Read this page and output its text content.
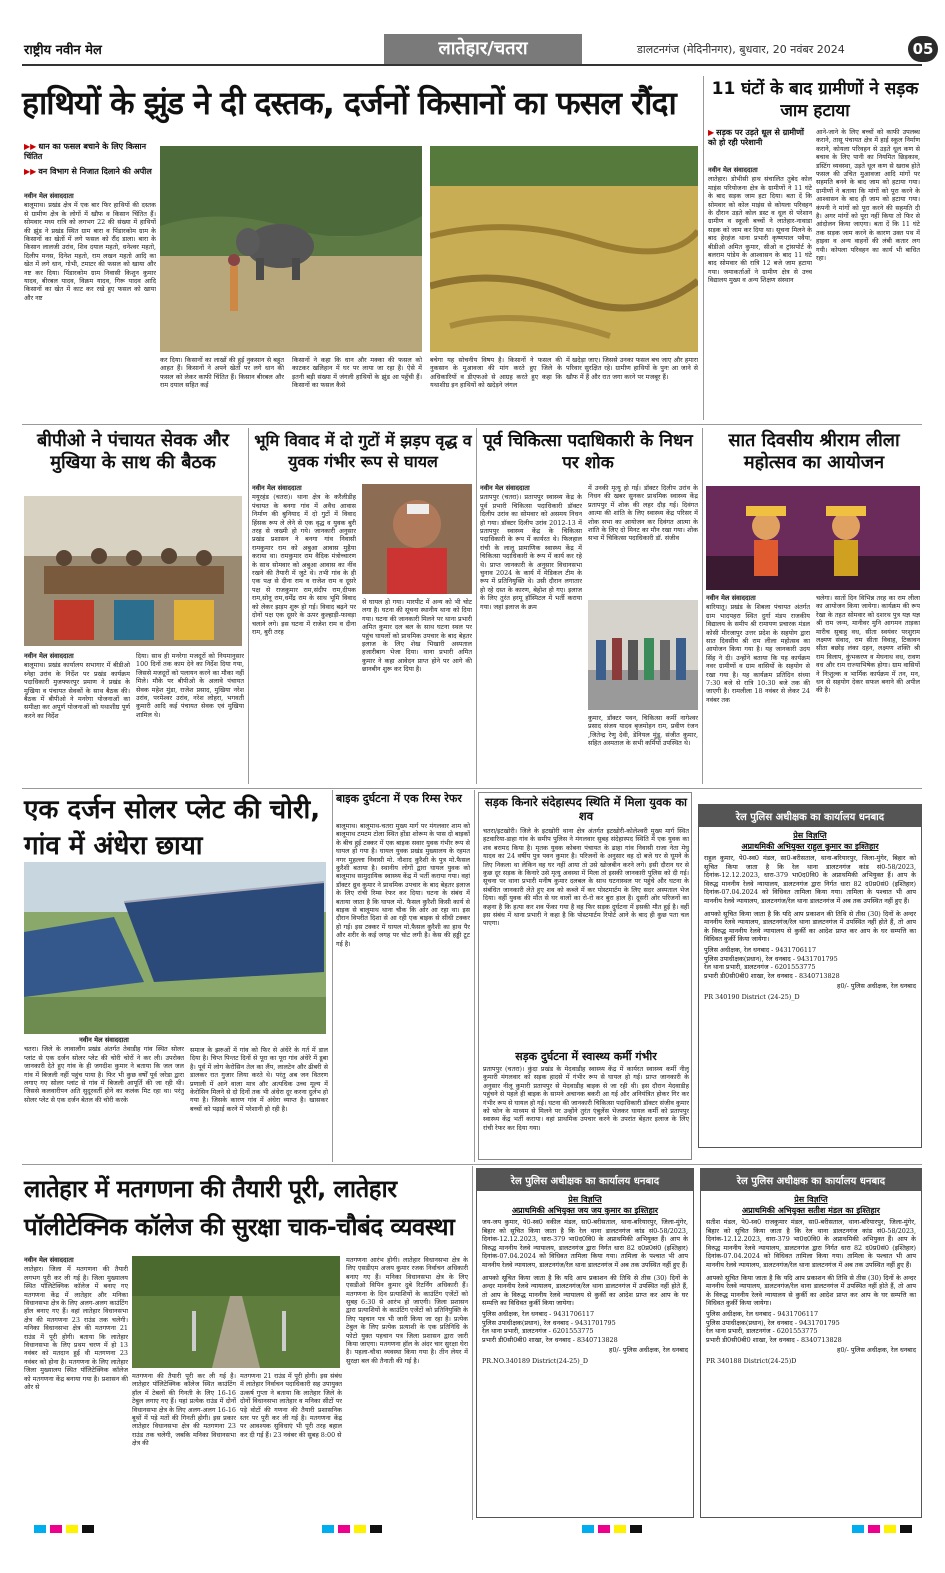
राष्ट्रीय नवीन मेल	लातेहार/चतरा	डालटनगंज (मेदिनीनगर), बुधवार, 20 नवंबर 2024	05
हाथियों के झुंड ने दी दस्तक, दर्जनों किसानों का फसल रौंदा
▶▶ धान का फसल बचाने के लिए किसान चिंतित
▶▶ वन विभाग से निजात दिलाने की अपील
नवीन मेल संवाददाता
बालूमाथ। प्रखंड क्षेत्र में एक बार फिर हाथियों की दस्तक से ग्रामीण क्षेत्र के लोगों में खौफ व किसान चिंतित हैं। सोमवार मध्य रात्रि को लगभग 22 की संख्या में हाथियों की झुंड ने प्रखंड स्थित ग्राम बारा व पिंडारकोम ग्राम के किसानों का खेतों में लगे फसल को रौंद डाला। बारा के किसान लालजी उरांव, शिव दयाल महतो, धनेश्वर महतो, दिलीप मनस, दिनेश महतो, राम लखन महतो आदि का खेत में लगे धान, गोभी, टमाटर की फसल को खाया और नष्ट कर दिया। पिंडारकोम ग्राम निवासी किशुन कुमार यादव, बीरबल यादव, विक्रम यादव, गिरू यादव आदि किसानों का खेत में काट कर रखे हुए फसल को खाया और नष्ट
कर दिया। किसानों का लाखों की हुई नुकसान से बहुत आहत हैं। किसानों ने अपने खेतों पर लगे धान की फसल को लेकर काफी चिंतित हैं। किसान बीरबल और राम दयाल सहित कई
किसानों ने कहा कि धान और मक्का की फसल को काटकर खलिहान में घर पर लाया जा रहा है। ऐसे में इतनी बड़ी संख्या में जंगली हाथियों के झुंड आ पहुँची हैं। किसानों का फसल कैसे
बचेगा यह सोचनीय विषय है। किसानों ने फसल की नुकसान के मुआवजा की मांग करते हुए जिले के अधिकारियों व डीएफओ से आग्रह करते हुए कहा कि यथाशीघ्र इन हाथियों को खदेड़ने जंगल
में खदेड़ा जाए। जिससे उनका फसल बच जाए और हमारा परिवार सुरक्षित रहे। ग्रामीण हाथियों के पुनः आ जाने से खौफ में हैं और रात जगा करने पर मजबूर हैं।
11 घंटों के बाद ग्रामीणों ने सड़क जाम हटाया
▶ सड़क पर उड़ते धूल से ग्रामीणों को हो रही परेशानी
नवीन मेल संवाददाता
लातेहार। डोभीसी हाथ संचालित तुबेद कोल माइंस परियोजना क्षेत्र के ग्रामीणों ने 11 घंटे के बाद सड़क जाम हटा दिया। बता दें कि सोमवार को कोल माइंस से कोयला परिवहन के दौरान उड़ते कोल डस्ट व धूल से परेशान ग्रामीण व स्कूली बच्चों ने लातेहार-नावाडा सड़क को जाम कर दिया था। सूचना मिलने के बाद हेरहंज थाना प्रभारी कृष्णपाल पवैया, बीडीओ अमित कुमार, सीओ व ट्रांसपोर्ट के बलराम पांडेय के आश्वासन के बाद 11 घंटे बाद सोमवार की रात्रि 12 बजे जाम हटाया गया। जमाकर्ताओं ने ग्रामीण क्षेत्र से उच्च विद्यालय मुख्य व अन्य शिक्षण संस्थान
आने-जाने के लिए बच्चों को काफी उपलब्ध कराने, तासू पंचायत क्षेत्र में हाई स्कूल निर्माण कराने, कोयला परिवहन से उड़ते धूल कण से बचाव के लिए पानी का नियमित छिड़काव, डस्टिंग व्यवस्था, उड़ते धूल कण से खराब होते फसल की उचित मुआवजा आदि मांगों पर सहमति बनने के बाद जाम को हटाया गया। ग्रामीणों ने बताया कि मांगों को पूरा करने के आश्वासन के बाद ही जाम को हटाया गया। कंपनी ने मांगों को पूरा करने की सहमति दी है। अगर मांगों को पूरा नहीं किया तो फिर से आंदोलन किया जाएगा। बता दें कि 11 घंटे तक सड़क जाम करने के कारण उक्त पथ में हाइवा व अन्य वाहनों की लंबी कतार लग गयी। कोयला परिवहन का कार्य भी बाधित रहा।
बीपीओ ने पंचायत सेवक और मुखिया के साथ की बैठक
नवीन मेल संवाददाता
बालूमाथ। प्रखंड कार्यालय सभागार में बीडीओ स्नेहा उरांव के निर्देश पर प्रखंड कार्यक्रम पदाधिकारी मुजफ्फरपुर प्रमाण ने प्रखंड के मुखिया व पंचायत सेवकों के साथ बैठक की। बैठक में बीपीओ ने मनरेगा योजनाओं का समीक्षा कर अपूर्ण योजनाओं को यथाशीघ्र पूर्ण करने का निर्देश
दिया। साथ ही मनरेगा मजदूरों को नियमानुसार 100 दिनों तक काम देने का निर्देश दिया गया, जिससे मजदूरों को पलायन करने का मौका नहीं मिले। मौके पर बीपीओ के अलावे पंचायत सेवक महेश मुंडा, राजेश प्रसाद, मुखिया नरेश उरांव, परमेश्वर उरांव, नरेश लोहरा, भगवती कुमारी आदि कई पंचायत सेवक एवं मुखिया शामिल थे।
भूमि विवाद में दो गुटों में झड़प वृद्ध व युवक गंभीर रूप से घायल
नवीन मेल संवाददाता
मयूरहंड (चतरा)। थाना क्षेत्र के करैलीडीह पंचायत के बनगा गांव में अवैध आवास निर्माण की बुनियाद में दो गुटों में विवाद हिंसक रूप ले लेने से एक वृद्ध व युवक बुरी तरह से जख्मी हो गये। जानकारी अनुसार प्रखंड प्रशासन ने बनगा गांव निवासी रामकुमार राम को अबुआ आवास मुहैया कराया था। रामकुमार राम वैदिक मंत्रोच्चारण के साथ सोमवार को अबुआ आवास का नींव रखने की तैयारी में जुटे थे। तभी गांव के ही एक पक्ष से दीना राम व राजेश राम व दूसरे पक्ष से राजकुमार राम,संदीप राम,दीपक राम,सोनू राम,धर्मेंद्र राम के साथ भूमि विवाद को लेकर झड़प शुरू हो गई। विवाद बढ़ने पर दोनों पक्ष एक दूसरे के ऊपर कुल्हाड़ी-फावड़ा चलाने लगे। इस घटना में राजेश राम व दीना राम, बुरी तरह
से घायल हो गया। मारपीट में अन्य को भी चोट लगा है। घटना की सूचना स्थानीय थाना को दिया गया। घटना की जानकारी मिलने पर थाना प्रभारी अमित कुमार दल बल के साथ घटना स्थल पर पहुंच घायलों को प्राथमिक उपचार के बाद बेहतर इलाज के लिए शेख भिखारी अस्पताल हजारीबाग भेजा दिया। थाना प्रभारी अमित कुमार ने कहा आवेदन प्राप्त होने पर आगे की छानबीन शुरू कर दिया है।
पूर्व चिकित्सा पदाधिकारी के निधन पर शोक
नवीन मेल संवाददाता
प्रतापपुर (चतरा)। प्रतापपुर स्वास्थ्य केंद्र के पूर्व प्रभारी चिकित्सा पदाधिकारी डॉक्टर दिलीप उरांव का सोमवार को असमय निधन हो गया। डॉक्टर दिलीप उरांव 2012-13 में प्रतापपुर स्वास्थ्य केंद्र के चिकित्सा पदाधिकारी के रूप में कार्यरत थे। फिलहाल रांची के लालू प्रामाणिक स्वास्थ्य केंद्र में चिकित्सा पदाधिकारी के रूप में कार्य कर रहे थे। प्राप्त जानकारी के अनुसार विधानसभा चुनाव 2024 के कार्य में मेडिकल टीम के रूप में प्रतिनियुक्ति थे। उसी दौरान लगातार हो रहे दस्त के कारण, बेहोश हो गए। इलाज के लिए तुरंत हरमू हॉस्पिटल में भर्ती कराया गया। जहां इलाज के क्रम
में उनकी मृत्यु हो गई। डॉक्टर दिलीप उरांव के निधन की खबर सुनकर प्राथमिक स्वास्थ्य केंद्र प्रतापपुर में शोक की लहर दौड़ गई। दिवंगत आत्मा की शांति के लिए स्वास्थ्य केंद्र परिसर में शोक सभा का आयोजन कर दिवंगत आत्मा के शांति के लिए दो मिनट का मौन रखा गया। शोक सभा में चिकित्सा पदाधिकारी डॉ. संजीव
कुमार, डॉक्टर पवन, चिकित्सा कर्मी नागेश्वर प्रसाद संजय यादव बृजमोहन राम, प्रवीण रंजन ,जितेन्द्र रेणु देवी, डेनियल मुंडू, संजीत कुमार, सहित अस्पताल के सभी कर्मियों उपस्थित थे।
सात दिवसीय श्रीराम लीला महोत्सव का आयोजन
नवीन मेल संवाददाता
बारियातू। प्रखंड के शिबला पंचायत अंतर्गत ग्राम भादपहरा स्थित दुर्गा मंडप राजकीय विद्यालय के समीप श्री रामायण प्रचारक मंडल कोसी मीरजापुर उत्तर प्रदेश के सहयोग द्वारा सात दिवसीय श्री राम लीला महोत्सव का आयोजन किया गया है। यह जानकारी उदय सिंह ने दी। उन्होंने बताया कि यह कार्यक्रम नवर ग्रामीणों व ग्राम वासियों के सहयोग से रखा गया है। यह कार्यक्रम प्रतिदिन संध्या 7:30 बजे से रात्रि 10:30 बजे तक की जाएगी है। रामलीला 18 नवंबर से लेकर 24 नवंबर तक
चलेगा। सातों दिन विभिन्न तरह का राम लीला का आयोजन किया जायेगा। कार्यक्रम की रूप रेखा के तहत सोमवार को दशरथ पुत्र यज्ञ यज्ञ श्री राम जन्म, मानीवर मुनि आगमन ताड़का मारीच सुबाहु वध, सीता स्वयंवर परशुराम लक्ष्मण संवाद, राम सीता विवाह, टिकावन सीता बछोड़ लंका दहन, लक्ष्मण शक्ति श्री राम विलाप, कुंभकरण व मेघनाथ वध, रावण वध और राम राज्याभिषेक होगा। ग्राम वासियों ने निःशुल्क व भार्मिक कार्यक्रम में तन, मन, धन से सहयोग देकर सफल बनाने की अपील की है।
एक दर्जन सोलर प्लेट की चोरी, गांव में अंधेरा छाया
नवीन मेल संवाददाता
चतरा। जिले के लावालौंग प्रखंड अंतर्गत तेवाडीह गांव स्थित सोलर प्लांट से एक दर्जन सोलर प्लेट की चोरी चोरों ने कर ली। उपरोक्त जानकारी देते हुए गांव के ही जगदीश कुमार ने बताया कि जल जल गांव में बिजली नहीं पहुंच पाया है। फिर भी कुछ वर्षों पूर्व जरेडा द्वारा लगाए गए सोलर प्लांट से गांव में बिजली आपूर्ति की जा रही थी। जिससे कलवारीपन अति सुदूरवर्ती होने का कलंक मिट रहा था। परंतु सोलर प्लेट से एक दर्जन बेतल की चोरी करके
समाज के झरुओं में गांव को फिर से अंधेरे के गर्त में डाल दिया है। चिप्त पिन्तट दिनों से पूरा का पूरा गांव अंधेरे में डूबा है। पूर्व में लोग केरोसिन तेल का लैंप, लालटेन और ढीबरी से डालकर रात गुजार लिया करते थे। परंतु अब जन वितरण प्रणाली में आने वाला मात्र और अत्यधिक उच्च मूल्य में केरोसिन मिलने से दो दिनों तक भी अंधेरा दूर करना दुर्लभ हो गया है। जिसके कारण गांव में अंधेरा व्याप्त है। खासकर बच्चों को पढ़ाई करने में परेशानी हो रही है।
बाइक दुर्घटना में एक रिम्स रेफर
बालूमाथ। बालूमाथ-चतरा मुख्य मार्ग पर मंगलवार शाम को बालूमाथ टमटम टोला स्थित होंडा शोरूम के पास दो बाइकों के बीच हुई टक्कर में एक बाइक सवार युवक गंभीर रूप से घायल हो गया है। घायल युवक प्रखंड मुख्यालय के रहमत नगर मुहल्ला निवासी मो. नौशाद कुरैशी के पुत्र मो.फैसल कुरैशी बताया है। स्थानीय लोगों द्वारा घायल युवक को बालूमाथ सामुदायिक स्वास्थ्य केंद्र में भर्ती कराया गया। वहां डॉक्टर ध्रुव कुमार ने प्राथमिक उपचार के बाद बेहतर इलाज के लिए रांची रिम्स रेफर कर दिया। घटना के संबंध में बताया जाता है कि घायल मो. फैसल कुरैशी किसी कार्य से बाइक से बालूमाथ थाना चौक कि ओर आ रहा था। इस दौरान विपरीत दिशा से आ रही एक बाइक से सीधी टक्कर हो गई। इस टक्कर में घायल मो.फैसल कुरैशी का हाथ पैर और शरीर के कई जगह पर चोट लगी है। केस की हड्डी टूट गई है।
सड़क किनारे संदेहास्पद स्थिति में मिला युवक का शव
चतरा/इटखोरी। जिले के इटखोरी थाना क्षेत्र अंतर्गत इटखोरी-कोलेश्वरी मुख्य मार्ग स्थित हटवारिया-डाहा गांव के समीप पुलिस ने मंगलवार सुबह संदेहास्पद स्थिति में एक युवक का शव बरामद किया है। मृतक युवक कोबना पंचायत के ढाहा गांव निवासी राजा नेता मेघु यादव का 24 वर्षीय पुत्र पवन कुमार है। परिजनों के अनुसार वह दो बजे घर से घूमने के लिए निकला था लेकिन वह घर नहीं आया तो उसे खोजबीन करने लगे। इसी दौरान घर से कुछ दूर सड़क के किनारे उसे मृत्यु अवस्था में मिला तो इसकी जानकारी पुलिस को दी गई। सूचना पर थाना प्रभारी मनीष कुमार दलबल के साथ घटनास्थल पर पहुंचे और घटना के संबंधित जानकारी लेते हुए शव को कब्जे में कर पोस्टमार्टम के लिए सदर अस्पताल भेज दिया। वहीं युवक की मौत से घर वालों का रो-रो कर बुरा हाल है। दूसरी ओर परिजनों का कहना है कि हत्या कर शव फेंका गया है वह फिर सड़क दुर्घटना में इसकी मौत हुई है। वहीं इस संबंध में थाना प्रभारी ने कहा है कि पोस्टमार्टम रिपोर्ट आने के बाद ही कुछ पता चल पाएगा।
सड़क दुर्घटना में स्वास्थ्य कर्मी गंभीर
प्रतापपुर (चतरा)। कुंदा प्रखंड के मेदवाडीह स्वास्थ्य केंद्र में कार्यरत स्वास्थ्य कर्मी नीलू कुमारी मंगलवार को सड़क हादसे में गंभीर रूप से घायल हो गई। प्राप्त जानकारी के अनुसार नीलू कुमारी प्रतापपुर से मेदवाडीह बाइक से जा रही थी। इस दौरान मेदवाडीह पहुंचने से पहले ही बाइक के सामने अचानक बकरी आ गई और अनियंत्रित होकर गिर कर गंभीर रूप से घायल हो गई। घटना की जानकारी चिकित्सा पदाधिकारी डॉक्टर संजीव कुमार को फोन के माध्यम से मिलने पर उन्होंने तुरंत एंबुलेंस भेजकर घायल कर्मी को प्रतापपुर स्वास्थ्य केंद्र भर्ती कराया। वहां प्राथमिक उपचार करने के उपरांत बेहतर इलाज के लिए रांची रेफर कर दिया गया।
रेल पुलिस अधीक्षक का कार्यालय धनबाद
प्रेस विज्ञप्ति
अप्राथमिकी अभियुक्त राहुल कुमार का इश्तिहार
राहुल कुमार, पे0-स्व0 मंडल, सा0-बरीसताल, थाना-बरियारपुर, जिला-मुंगेर, बिहार को सूचित किया जाता है कि रेल थाना डालटनगंज कांड सं0-58/2023, दिनांक-12.12.2023, धारा-379 भा0द0वि0 के अप्राथमिकी अभियुक्त हैं। आप के विरुद्ध माननीय रेलवे न्यायालय, डालटनगंज द्वारा निर्गत धारा 82 द0प्र0सं0 (इश्तिहार) दिनांक-07.04.2024 को विधिवत तामिला किया गया। तामिला के पश्चात भी आप माननीय रेलवे न्यायालय, डालटनगंज/रेल थाना डालटनगंज में अब तक उपस्थित नहीं हुए हैं।
आपको सूचित किया जाता है कि यदि आप प्रकाशन की तिथि से तीस (30) दिनों के अन्दर माननीय रेलवे न्यायालय, डालटनगंज/रेल थाना डालटनगंज में उपस्थित नहीं होते हैं, तो आप के विरुद्ध माननीय रेलवे न्यायालय से कुर्की का आदेश प्राप्त कर आप के घर सम्पत्ति का विधिवत कुर्की किया जायेगा।
पुलिस अधीक्षक, रेल धनबाद - 9431706117
पुलिस उपाधीक्षक(प्रधान), रेल धनबाद - 9431701795
रेल थाना प्रभारी, डालटनगंज - 6201553775
प्रभारी डी0सी0बी0 शाखा, रेल धनबाद - 8340713828
ह0/- पुलिस अधीक्षक, रेल धनबाद
PR 340190 District (24-25)_D
लातेहार में मतगणना की तैयारी पूरी, लातेहार पॉलीटेक्निक कॉलेज की सुरक्षा चाक-चौबंद व्यवस्था
नवीन मेल संवाददाता
लातेहार। जिला में मतगणना की तैयारी लगभग पूरी कर ली गई है। जिला मुख्यालय स्थित पॉलिटेक्निक कॉलेज में बनाए गए मतगणना केंद्र में लातेहार और मनिका विधानसभा क्षेत्र के लिए अलग-अलग काउंटिंग हॉल बनाए गए हैं। वहां लातेहार विधानसभा क्षेत्र की मतगणना 23 राउंड तक चलेगी। मनिका विधानसभा क्षेत्र की मतगणना 21 राउंड में पूरी होगी। बताया कि लातेहार विधानसभा के लिए प्रथम चरण में हो 13 नवंबर को मतदान हुई थी मतगणना 23 नवंबर को होना है। मतगणना के लिए लातेहार जिला मुख्यालय स्थित पॉलिटेक्निक कॉलेज को मतगणना केंद्र बनाया गया है। प्रशासन की ओर से
मतगणना की तैयारी पूरी कर ली गई है। लातेहार पॉलिटेक्निक कॉलेज स्थित काउंटिंग हॉल में टेबलों की गिनती के लिए 16-16 टेबुल लगाए गए हैं। यहां प्रत्येक राउंड में दोनों विधानसभा क्षेत्र के लिए अलग-अलग 16-16 बूथों में पड़े मतों की गिनती होगी। इस प्रकार लातेहार विधानसभा क्षेत्र की मतगणना 23 राउंड तक चलेगी, जबकि मनिका विधानसभा क्षेत्र की
मतगणना 21 राउंड में पूरी होगी। इस संबंध में लातेहार निर्वाचन पदाधिकारी सह उपायुक्त उत्कर्ष गुप्ता ने बताया कि लातेहार जिले के दोनों विधानसभा लातेहार व मनिका सीटों पर पड़े वोटों की गणना की तैयारी प्रशासनिक स्तर पर पूरी कर ली गई है। मतगणना केंद्र पर आवश्यक सुविधाएं भी पूरी तरह बहाल कर दी गई हैं। 23 नवंबर की सुबह 8:00 से
मतगणना आरंभ होगी। लातेहार विधानसभा क्षेत्र के लिए एसडीएम अजय कुमार रजक निर्वाचन अधिकारी बनाए गए हैं। मनिका विधानसभा क्षेत्र के लिए एसडीओ विपिन कुमार दुबे रिटर्निंग अधिकारी हैं। मतगणना के दिन प्रत्याशियों के काउंटिंग एजेंटों को सुबह 6:30 से आरंभ हो जाएगी। जिला प्रशासन द्वारा प्रत्याशियों के काउंटिंग एजेंटों को प्रतिनियुक्ति के लिए पहचान पत्र भी जारी किया जा रहा है। प्रत्येक टेबुल के लिए प्रत्येक प्रत्याशी के एक प्रतिनिधि के फोटो युक्त पहचान पत्र जिला प्रशासन द्वारा जारी किया जाएगा। मतगणना हॉल के अंदर चार सुरक्षा घेरा है। पहला-चौथा व्यवस्था किया गया है। तीन लेयर में सुरक्षा बल की तैनाती की गई है।
रेल पुलिस अधीक्षक का कार्यालय धनबाद
प्रेस विज्ञप्ति
अप्राथमिकी अभियुक्त जय जय कुमार का इश्तिहार
जय-जय कुमार, पे0-स्व0 वकील मंडल, सा0-बरीसताल, थाना-बरियारपुर, जिला-मुंगेर, बिहार को सूचित किया जाता है कि रेल थाना डालटनगंज कांड सं0-58/2023, दिनांक-12.12.2023, धारा-379 भा0द0वि0 के अप्राथमिकी अभियुक्त हैं। आप के विरुद्ध माननीय रेलवे न्यायालय, डालटनगंज द्वारा निर्गत धारा 82 द0प्र0सं0 (इश्तिहार) दिनांक-07.04.2024 को विधिवत तामिला किया गया। तामिला के पश्चात भी आप माननीय रेलवे न्यायालय, डालटनगंज/रेल थाना डालटनगंज में अब तक उपस्थित नहीं हुए हैं।
आपको सूचित किया जाता है कि यदि आप प्रकाशन की तिथि से तीस (30) दिनों के अन्दर माननीय रेलवे न्यायालय, डालटनगंज/रेल थाना डालटनगंज में उपस्थित नहीं होते हैं, तो आप के विरुद्ध माननीय रेलवे न्यायालय से कुर्की का आदेश प्राप्त कर आप के घर सम्पत्ति का विधिवत कुर्की किया जायेगा।
पुलिस अधीक्षक, रेल धनबाद - 9431706117
पुलिस उपाधीक्षक(प्रधान), रेल धनबाद - 9431701795
रेल थाना प्रभारी, डालटनगंज - 6201553775
प्रभारी डी0सी0बी0 शाखा, रेल धनबाद - 8340713828
ह0/- पुलिस अधीक्षक, रेल धनबाद
PR.NO.340189 District(24-25)_D
रेल पुलिस अधीक्षक का कार्यालय धनबाद
प्रेस विज्ञप्ति
अप्राथमिकी अभियुक्त सतीश मंडल का इश्तिहार
सतीश मंडल, पे0-स्व0 राजकुमार मंडल, सा0-बरीसताल, थाना-बरियारपुर, जिला-मुंगेर, बिहार को सूचित किया जाता है कि रेल थाना डालटनगंज कांड सं0-58/2023, दिनांक-12.12.2023, धारा-379 भा0द0वि0 के अप्राथमिकी अभियुक्त हैं। आप के विरुद्ध माननीय रेलवे न्यायालय, डालटनगंज द्वारा निर्गत धारा 82 द0प्र0सं0 (इश्तिहार) दिनांक-07.04.2024 को विधिवत तामिला किया गया। तामिला के पश्चात भी आप माननीय रेलवे न्यायालय, डालटनगंज/रेल थाना डालटनगंज में अब तक उपस्थित नहीं हुए हैं।
आपको सूचित किया जाता है कि यदि आप प्रकाशन की तिथि से तीस (30) दिनों के अन्दर माननीय रेलवे न्यायालय, डालटनगंज/रेल थाना डालटनगंज में उपस्थित नहीं होते हैं, तो आप के विरुद्ध माननीय रेलवे न्यायालय से कुर्की का आदेश प्राप्त कर आप के घर सम्पत्ति का विधिवत कुर्की किया जायेगा।
पुलिस अधीक्षक, रेल धनबाद - 9431706117
पुलिस उपाधीक्षक(प्रधान), रेल धनबाद - 9431701795
रेल थाना प्रभारी, डालटनगंज - 6201553775
प्रभारी डी0सी0बी0 शाखा, रेल धनबाद - 8340713828
ह0/- पुलिस अधीक्षक, रेल धनबाद
PR 340188 District(24-25)D
